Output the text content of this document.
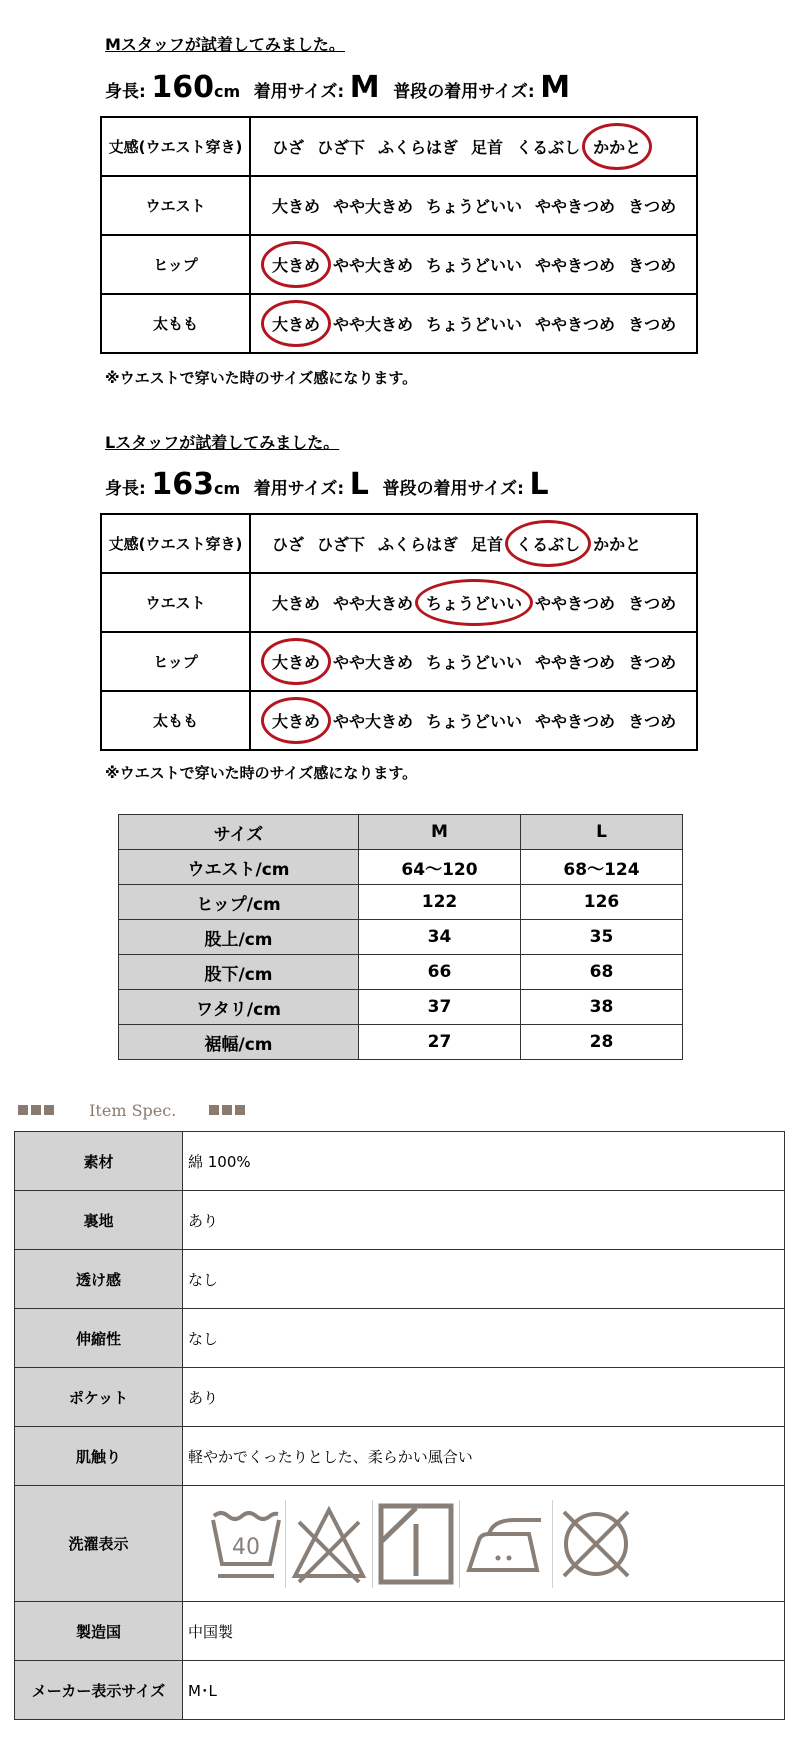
Mスタッフが試着してみました。
身長: 160cm 着用サイズ: M 普段の着用サイズ: M
丈感(ウエスト穿き)	ひざ ひざ下 ふくらはぎ 足首 くるぶし かかと
ウエスト	大きめ やや大きめ ちょうどいい ややきつめ きつめ
ヒップ	大きめ やや大きめ ちょうどいい ややきつめ きつめ
太もも	大きめ やや大きめ ちょうどいい ややきつめ きつめ
※ウエストで穿いた時のサイズ感になります。
Lスタッフが試着してみました。
身長: 163cm 着用サイズ: L 普段の着用サイズ: L
丈感(ウエスト穿き)	ひざ ひざ下 ふくらはぎ 足首 くるぶし かかと
ウエスト	大きめ やや大きめ ちょうどいい ややきつめ きつめ
ヒップ	大きめ やや大きめ ちょうどいい ややきつめ きつめ
太もも	大きめ やや大きめ ちょうどいい ややきつめ きつめ
※ウエストで穿いた時のサイズ感になります。
サイズ	M	L
ウエスト/cm	64～120	68～124
ヒップ/cm	122	126
股上/cm	34	35
股下/cm	66	68
ワタリ/cm	37	38
裾幅/cm	27	28
Item Spec.
素材	綿 100%
裏地	あり
透け感	なし
伸縮性	なし
ポケット	あり
肌触り	軽やかでくったりとした、柔らかい風合い
洗濯表示	40

製造国	中国製
メーカー表示サイズ	M･L
